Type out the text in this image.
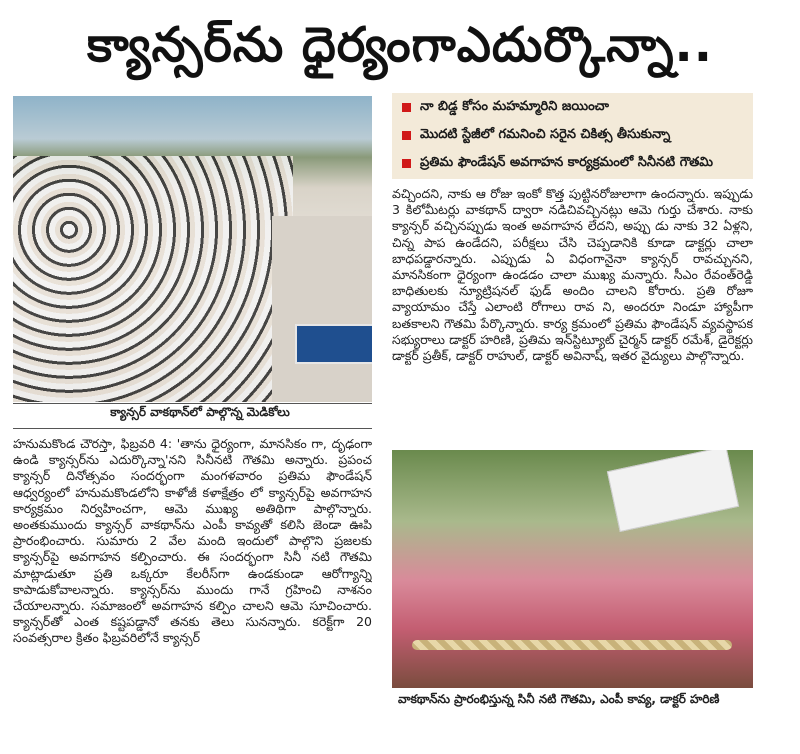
క్యాన్సర్‌ను ధైర్యంగాఎదుర్కొన్నా..
క్యాన్సర్ వాకథాన్‌లో పాల్గొన్న మెడికోలు
నా బిడ్డ కోసం మహమ్మారిని జయించా
మొదటి స్టేజీలో గమనించి సరైన చికిత్స తీసుకున్నా
ప్రతిమ ఫౌండేషన్ అవగాహన కార్యక్రమంలో సినీనటి గౌతమి

వచ్చిందని, నాకు ఆ రోజు ఇంకో కొత్త పుట్టినరోజులాగా ఉందన్నారు. ఇప్పుడు 3 కిలోమీటర్లు వాకథాన్ ద్వారా నడిచివచ్చినట్లు ఆమె గుర్తు చేశారు. నాకు క్యాన్సర్ వచ్చినప్పుడు ఇంత అవగాహన లేదని, అప్పు డు నాకు 32 ఏళ్లని, చిన్న పాప ఉండేదని, పరీక్షలు చేసి చెప్పడానికి కూడా డాక్టర్లు చాలా బాధపడ్డారన్నారు. ఎప్పుడు ఏ విధంగానైనా క్యాన్సర్ రావచ్చునని, మానసికంగా ధైర్యంగా ఉండడం చాలా ముఖ్య మన్నారు. సీఎం రేవంత్‌రెడ్డి బాధితులకు న్యూట్రిషనల్ ఫుడ్ అందిం చాలని కోరారు. ప్రతి రోజూ వ్యాయామం చేస్తే ఎలాంటి రోగాలు రావ ని, అందరూ నిండూ హ్యాపీగా బతకాలని గౌతమి పేర్కొన్నారు. కార్య క్రమంలో ప్రతిమ ఫౌండేషన్ వ్యవస్థాపక సభ్యురాలు డాక్టర్ హరిణి, ప్రతిమ ఇన్‌స్టిట్యూట్ చైర్మన్ డాక్టర్ రమేశ్, డైరెక్టర్లు డాక్టర్ ప్రతీక్, డాక్టర్ రాహుల్, డాక్టర్ అవినాష్, ఇతర వైద్యులు పాల్గొన్నారు.

హనుమకొండ చౌరస్తా, ఫిబ్రవరి 4: 'తాను ధైర్యంగా, మానసికం గా, దృఢంగా ఉండి క్యాన్సర్‌ను ఎదుర్కొన్నా'నని సినీనటి గౌతమి అన్నారు. ప్రపంచ క్యాన్సర్ దినోత్సవం సందర్భంగా మంగళవారం ప్రతిమ ఫౌండేషన్ ఆధ్వర్యంలో హనుమకొండలోని కాళోజీ కళాక్షేత్రం లో క్యాన్సర్‌పై అవగాహన కార్యక్రమం నిర్వహించగా, ఆమె ముఖ్య అతిథిగా పాల్గొన్నారు. అంతకుముందు క్యాన్సర్ వాకథాన్‌ను ఎంపీ కావ్యతో కలిసి జెండా ఊపి ప్రారంభించారు. సుమారు 2 వేల మంది ఇందులో పాల్గొని ప్రజలకు క్యాన్సర్‌పై అవగాహన కల్పించారు. ఈ సందర్భంగా సినీ నటి గౌతమి మాట్లాడుతూ ప్రతి ఒక్కరూ కేలరీస్‌గా ఉండకుండా ఆరోగ్యాన్ని కాపాడుకోవాలన్నారు. క్యాన్సర్‌ను ముందు గానే గ్రహించి నాశనం చేయాలన్నారు. సమాజంలో అవగాహన కల్పిం చాలని ఆమె సూచించారు. క్యాన్సర్‌తో ఎంత కష్టపడ్డానో తనకు తెలు సునన్నారు. కరెక్ట్‌గా 20 సంవత్సరాల క్రితం ఫిబ్రవరిలోనే క్యాన్సర్

వాకథాన్‌ను ప్రారంభిస్తున్న సినీ నటి గౌతమి, ఎంపీ కావ్య, డాక్టర్ హరిణి
